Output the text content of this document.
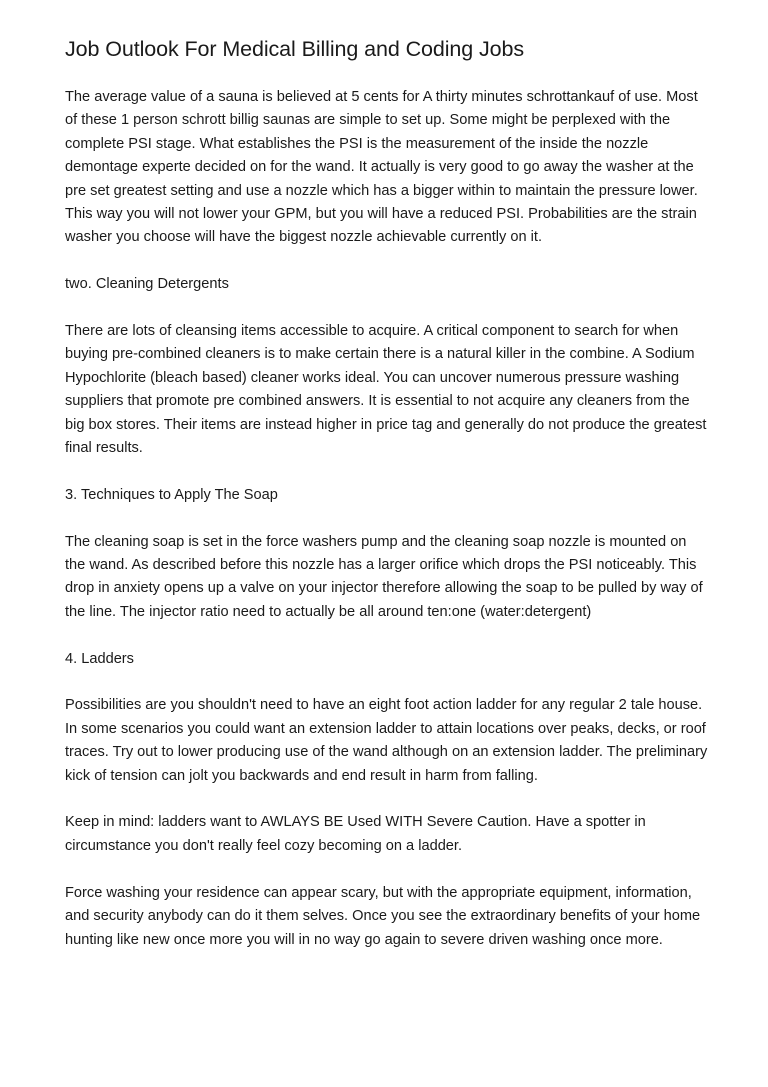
Job Outlook For Medical Billing and Coding Jobs

The average value of a sauna is believed at 5 cents for A thirty minutes schrottankauf of use. Most of these 1 person schrott billig saunas are simple to set up. Some might be perplexed with the complete PSI stage. What establishes the PSI is the measurement of the inside the nozzle demontage experte decided on for the wand. It actually is very good to go away the washer at the pre set greatest setting and use a nozzle which has a bigger within to maintain the pressure lower. This way you will not lower your GPM, but you will have a reduced PSI. Probabilities are the strain washer you choose will have the biggest nozzle achievable currently on it.

two. Cleaning Detergents

There are lots of cleansing items accessible to acquire. A critical component to search for when buying pre-combined cleaners is to make certain there is a natural killer in the combine. A Sodium Hypochlorite (bleach based) cleaner works ideal. You can uncover numerous pressure washing suppliers that promote pre combined answers. It is essential to not acquire any cleaners from the big box stores. Their items are instead higher in price tag and generally do not produce the greatest final results.

3. Techniques to Apply The Soap

The cleaning soap is set in the force washers pump and the cleaning soap nozzle is mounted on the wand. As described before this nozzle has a larger orifice which drops the PSI noticeably. This drop in anxiety opens up a valve on your injector therefore allowing the soap to be pulled by way of the line. The injector ratio need to actually be all around ten:one (water:detergent)

4. Ladders

Possibilities are you shouldn't need to have an eight foot action ladder for any regular 2 tale house. In some scenarios you could want an extension ladder to attain locations over peaks, decks, or roof traces. Try out to lower producing use of the wand although on an extension ladder. The preliminary kick of tension can jolt you backwards and end result in harm from falling.

Keep in mind: ladders want to AWLAYS BE Used WITH Severe Caution. Have a spotter in circumstance you don't really feel cozy becoming on a ladder.

Force washing your residence can appear scary, but with the appropriate equipment, information, and security anybody can do it them selves. Once you see the extraordinary benefits of your home hunting like new once more you will in no way go again to severe driven washing once more.
